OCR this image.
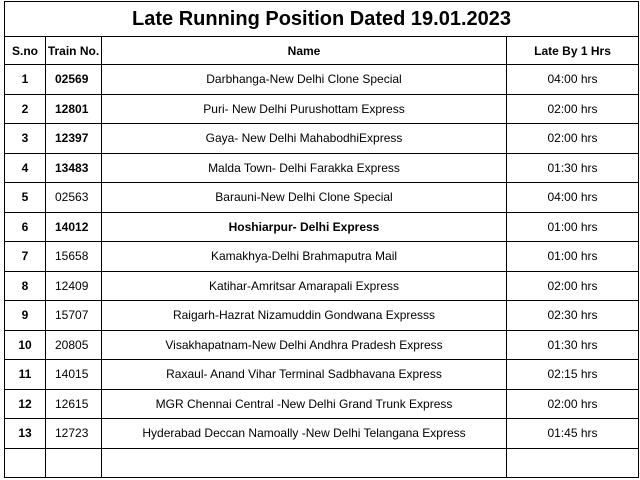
Late Running Position Dated 19.01.2023			
S.no	Train No.	Name	Late By 1 Hrs
1	02569	Darbhanga-New Delhi Clone Special	04:00 hrs
2	12801	Puri- New Delhi Purushottam Express	02:00 hrs
3	12397	Gaya- New Delhi MahabodhiExpress	02:00 hrs
4	13483	Malda Town- Delhi Farakka Express	01:30 hrs
5	02563	Barauni-New Delhi Clone Special	04:00 hrs
6	14012	Hoshiarpur- Delhi Express	01:00 hrs
7	15658	Kamakhya-Delhi Brahmaputra Mail	01:00 hrs
8	12409	Katihar-Amritsar Amarapali Express	02:00 hrs
9	15707	Raigarh-Hazrat Nizamuddin Gondwana Expresss	02:30 hrs
10	20805	Visakhapatnam-New Delhi Andhra Pradesh Express	01:30 hrs
11	14015	Raxaul- Anand Vihar Terminal Sadbhavana Express	02:15 hrs
12	12615	MGR Chennai Central -New Delhi Grand Trunk Express	02:00 hrs
13	12723	Hyderabad Deccan Namoally -New Delhi Telangana Express	01:45 hrs
